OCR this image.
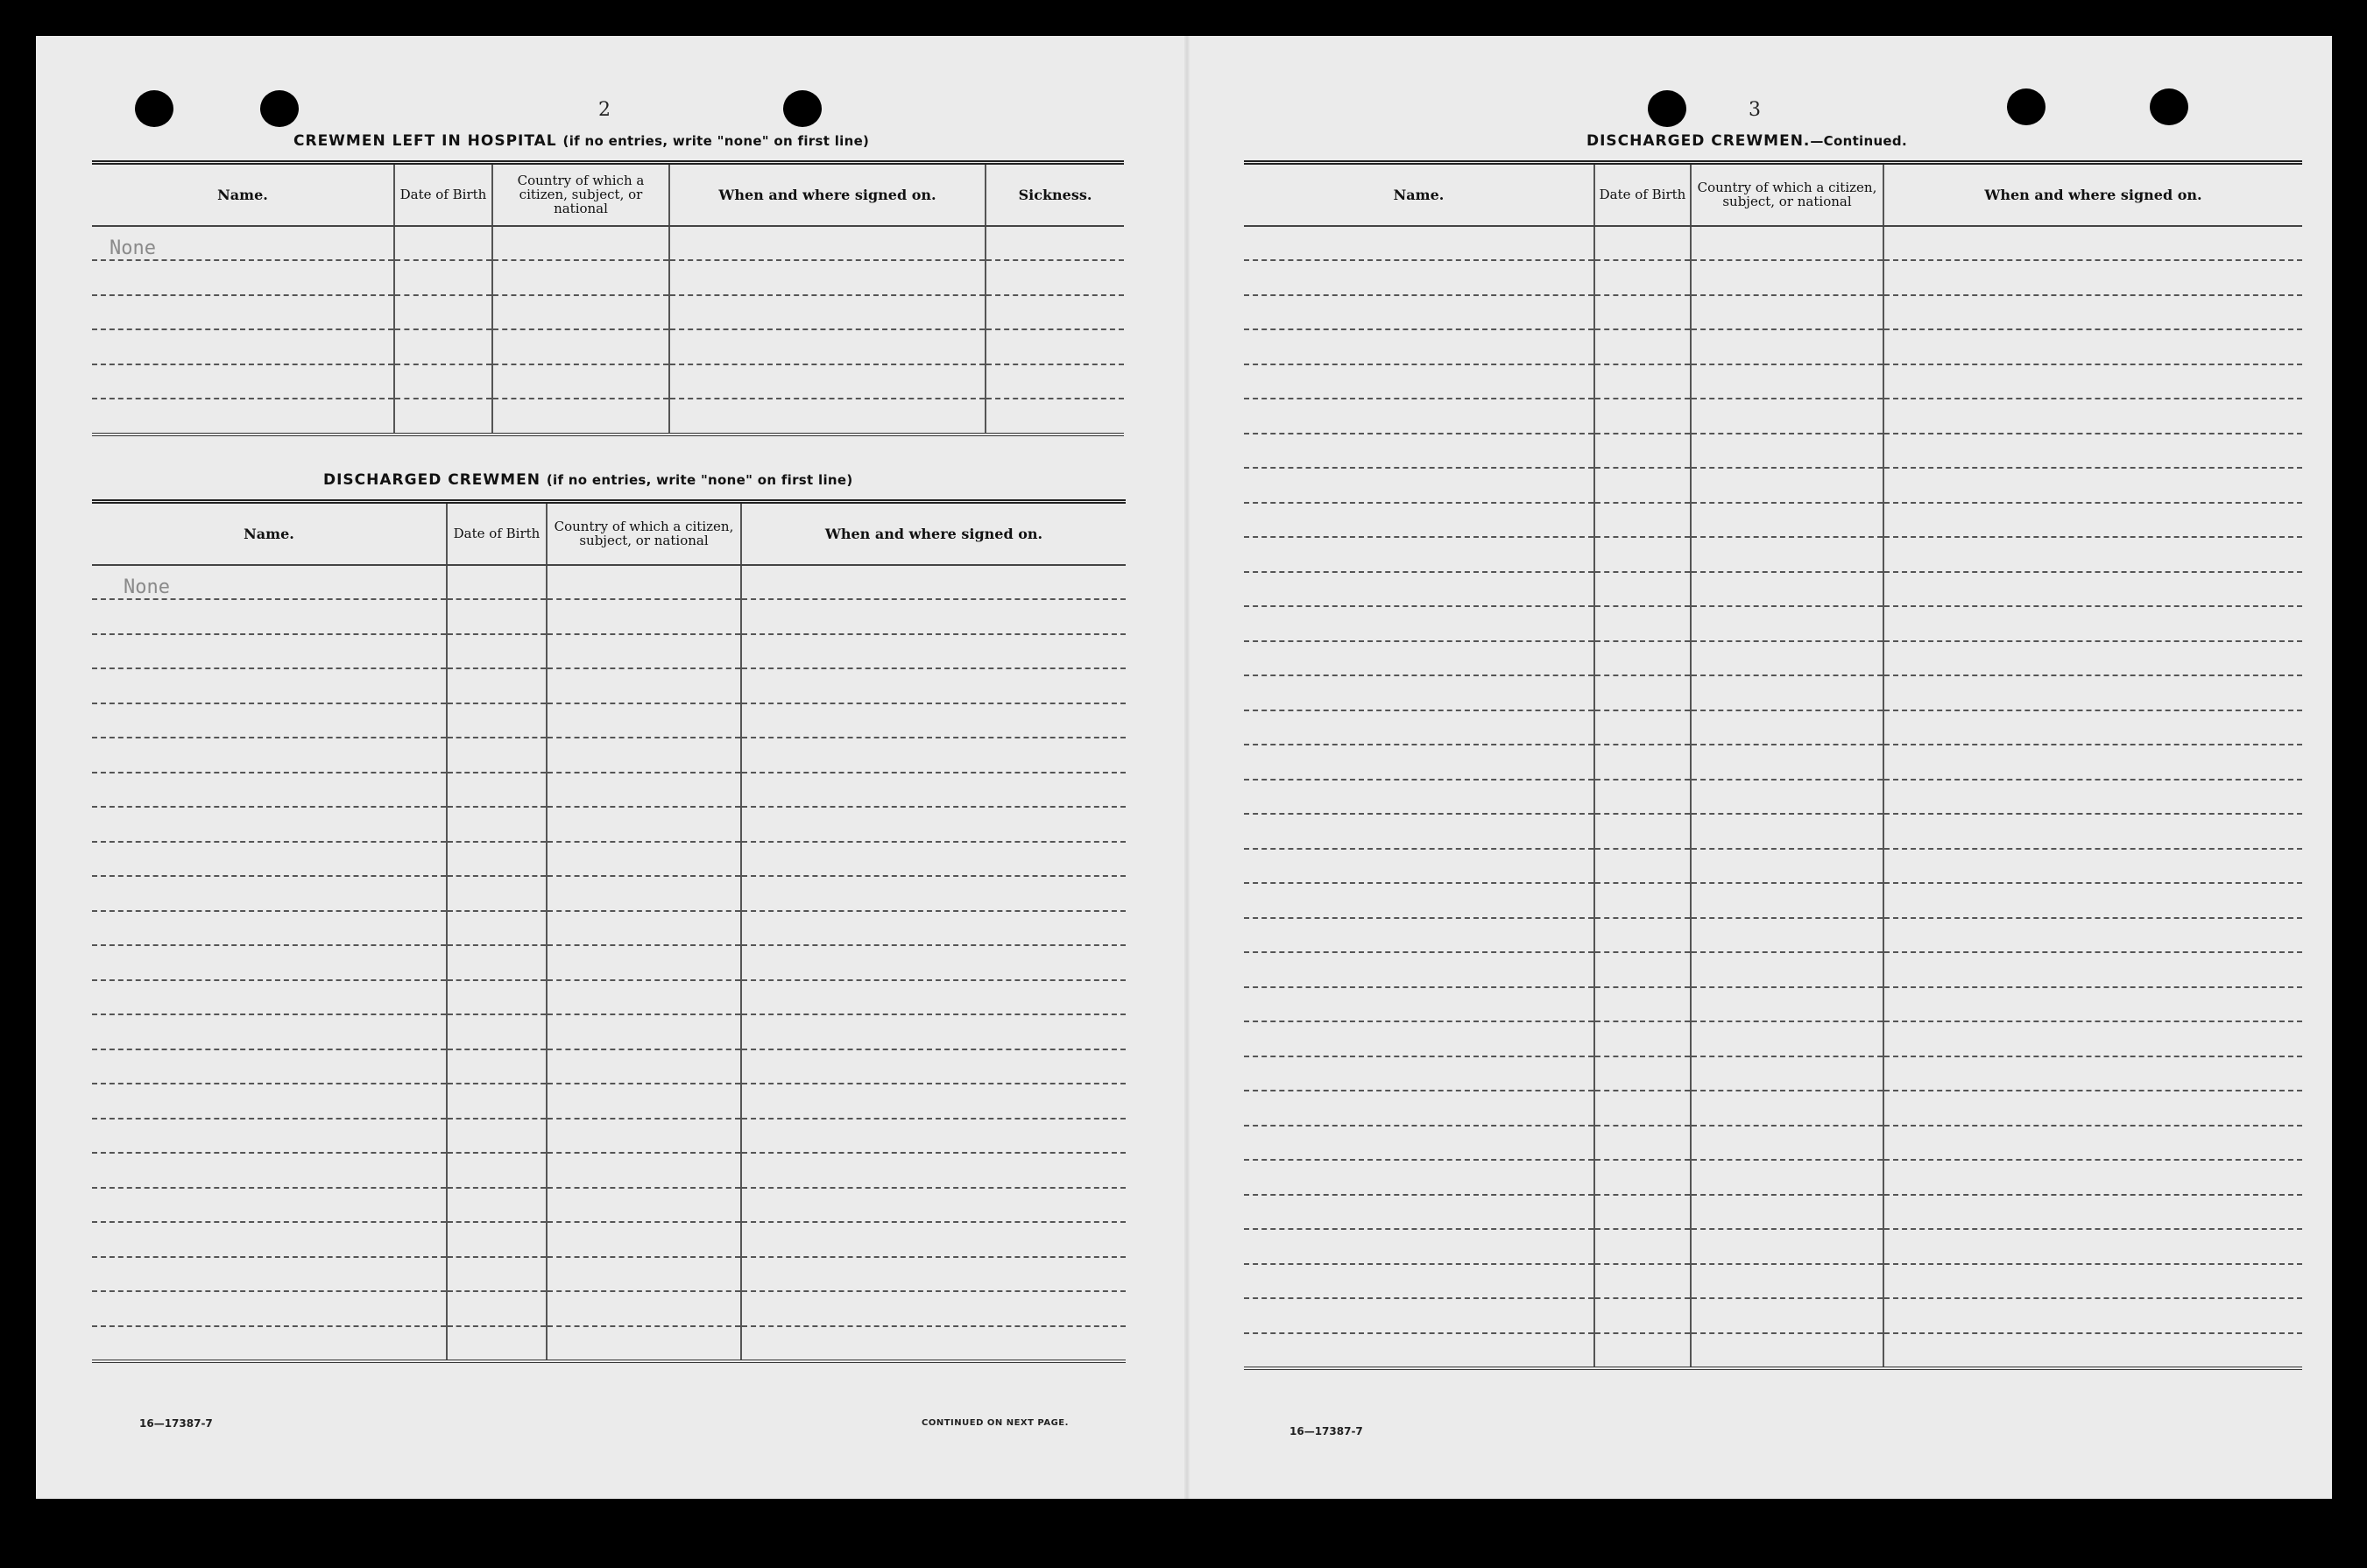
2
CREWMEN LEFT IN HOSPITAL (if no entries, write "none" on first line)
Name.	Date of Birth	Country of which a citizen, subject, or national	When and where signed on.	Sickness.
None				

DISCHARGED CREWMEN (if no entries, write "none" on first line)
Name.	Date of Birth	Country of which a citizen, subject, or national	When and where signed on.
None			

16—17387-7	CONTINUED ON NEXT PAGE.
3
DISCHARGED CREWMEN.—Continued.
Name.	Date of Birth	Country of which a citizen, subject, or national	When and where signed on.

16—17387-7
